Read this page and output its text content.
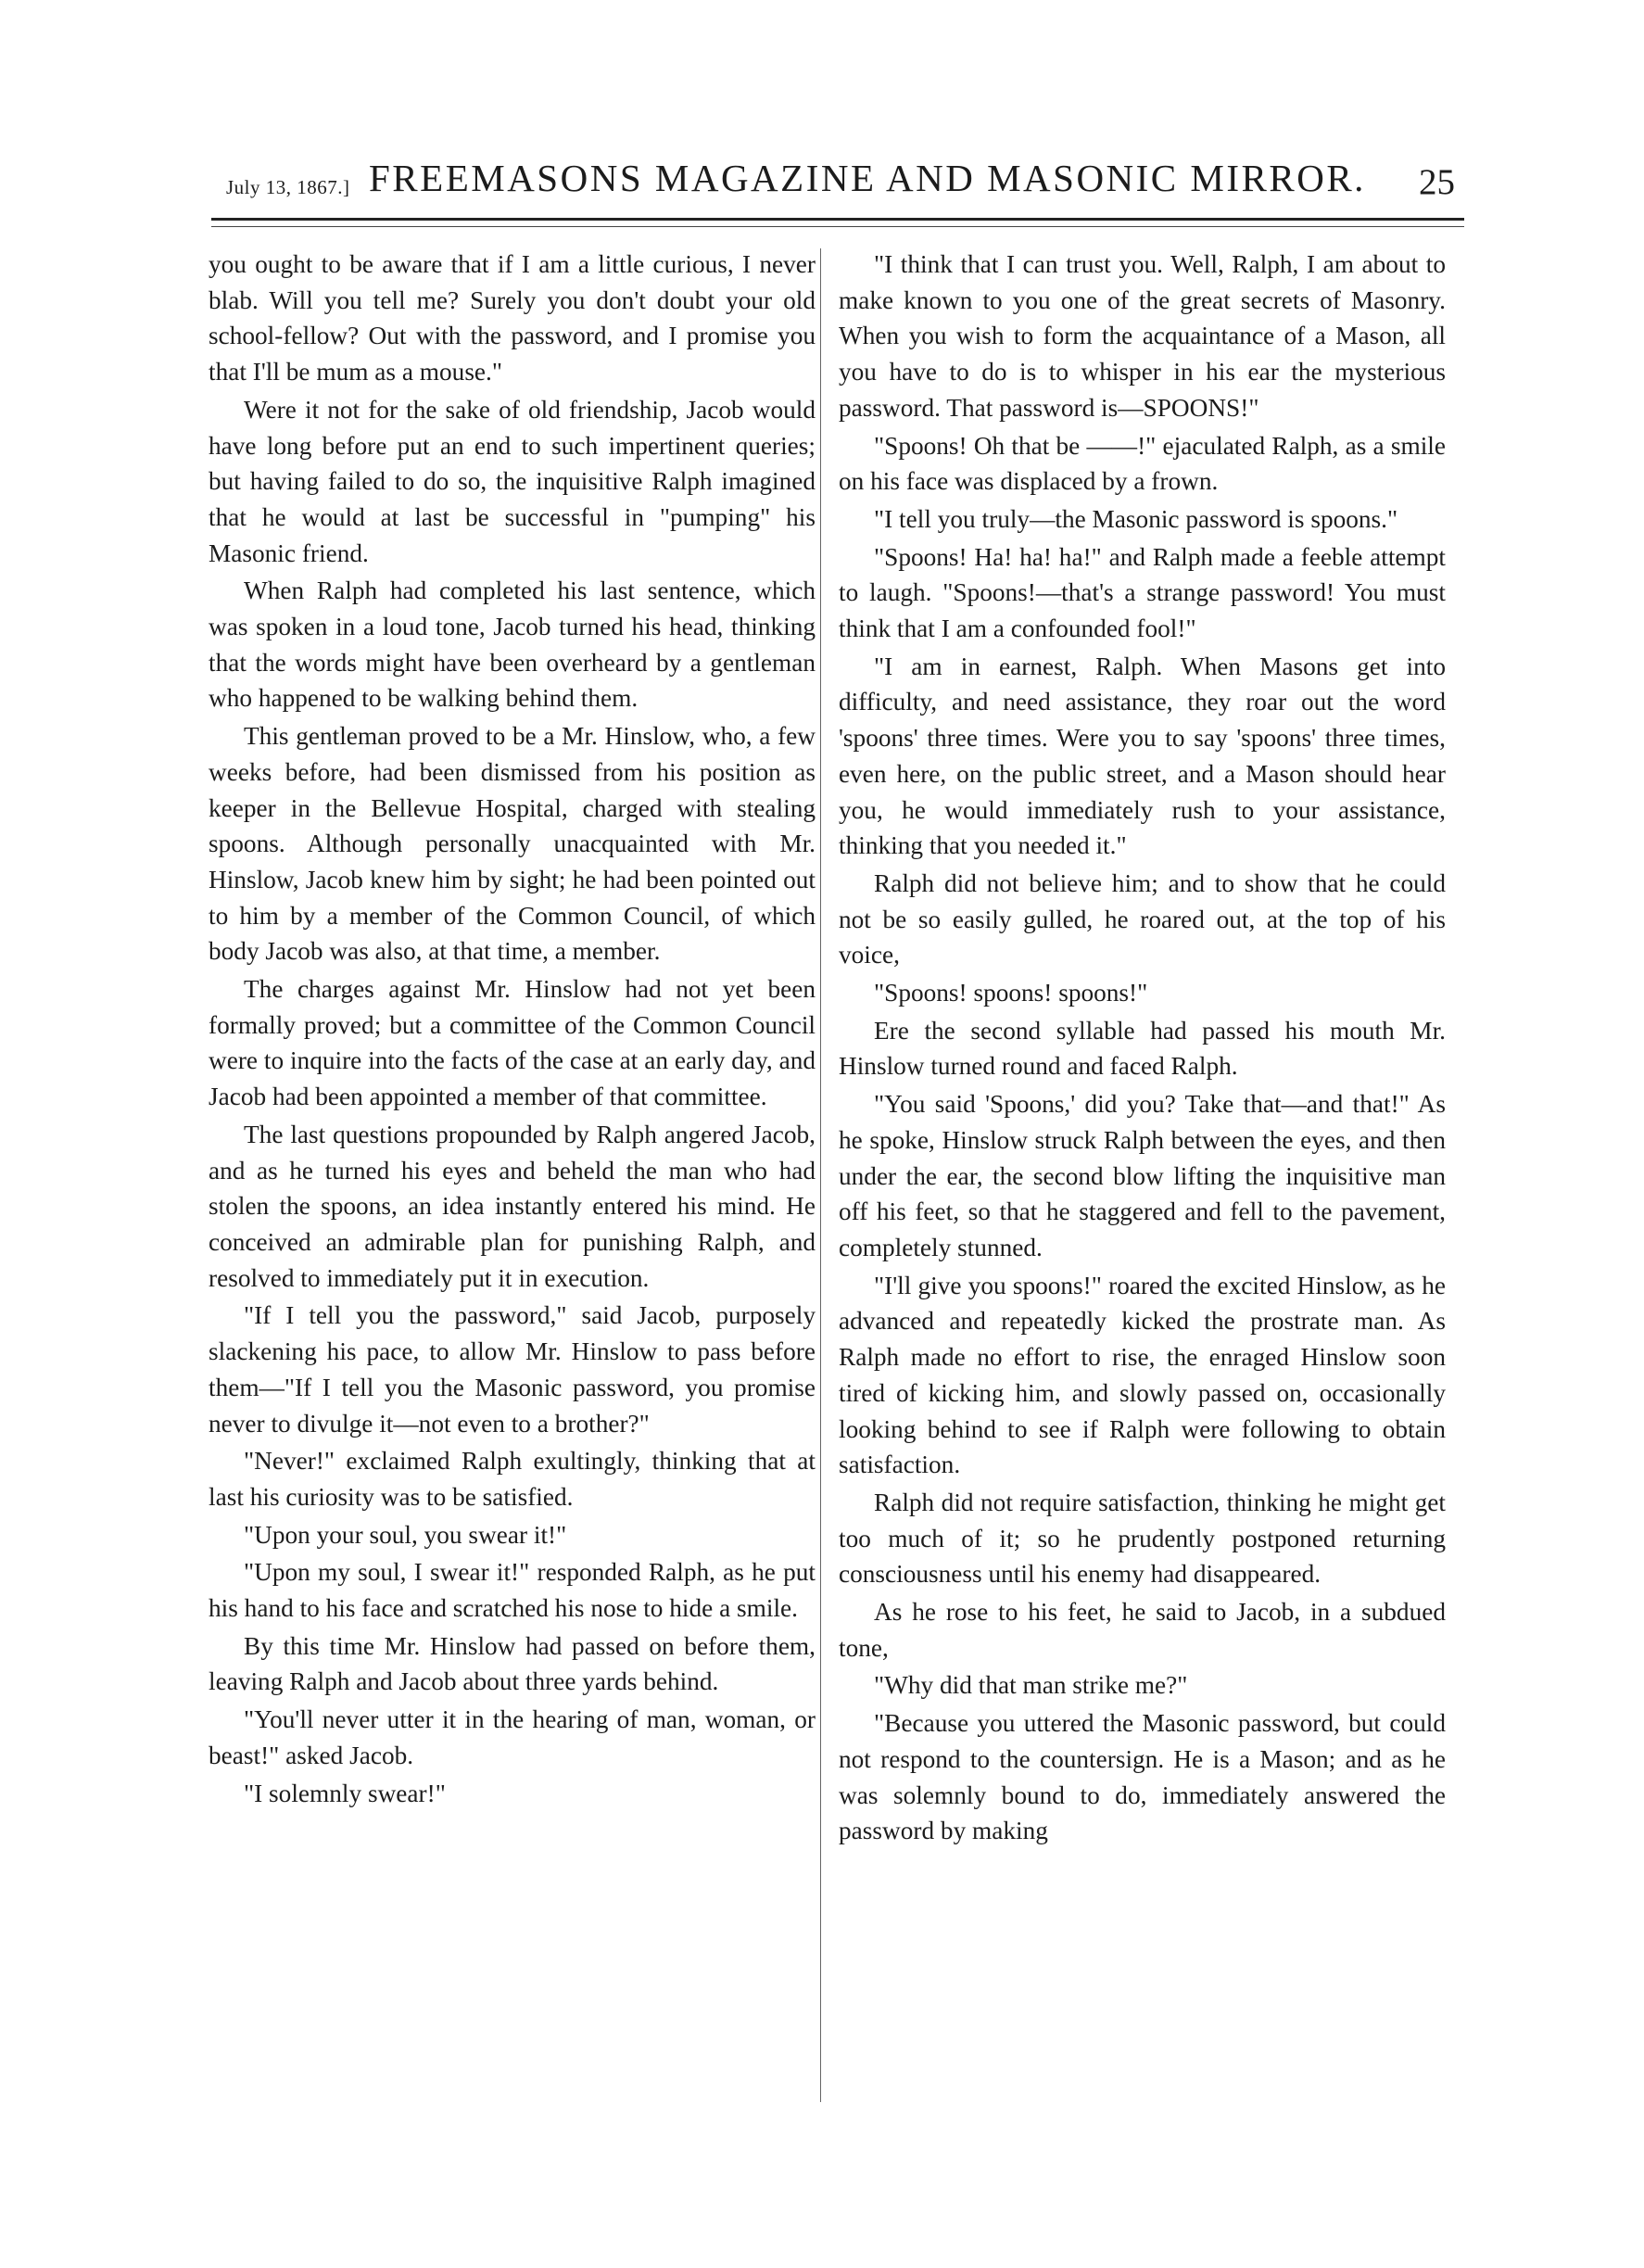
July 13, 1867.] FREEMASONS MAGAZINE AND MASONIC MIRROR. 25

you ought to be aware that if I am a little curious, I never blab. Will you tell me? Surely you don't doubt your old school-fellow? Out with the password, and I promise you that I'll be mum as a mouse."

Were it not for the sake of old friendship, Jacob would have long before put an end to such impertinent queries; but having failed to do so, the inquisitive Ralph imagined that he would at last be successful in "pumping" his Masonic friend.

When Ralph had completed his last sentence, which was spoken in a loud tone, Jacob turned his head, thinking that the words might have been overheard by a gentleman who happened to be walking behind them.

This gentleman proved to be a Mr. Hinslow, who, a few weeks before, had been dismissed from his position as keeper in the Bellevue Hospital, charged with stealing spoons. Although personally unacquainted with Mr. Hinslow, Jacob knew him by sight; he had been pointed out to him by a member of the Common Council, of which body Jacob was also, at that time, a member.

The charges against Mr. Hinslow had not yet been formally proved; but a committee of the Common Council were to inquire into the facts of the case at an early day, and Jacob had been appointed a member of that committee.

The last questions propounded by Ralph angered Jacob, and as he turned his eyes and beheld the man who had stolen the spoons, an idea instantly entered his mind. He conceived an admirable plan for punishing Ralph, and resolved to immediately put it in execution.

"If I tell you the password," said Jacob, purposely slackening his pace, to allow Mr. Hinslow to pass before them—"If I tell you the Masonic password, you promise never to divulge it—not even to a brother?"

"Never!" exclaimed Ralph exultingly, thinking that at last his curiosity was to be satisfied.

"Upon your soul, you swear it!"

"Upon my soul, I swear it!" responded Ralph, as he put his hand to his face and scratched his nose to hide a smile.

By this time Mr. Hinslow had passed on before them, leaving Ralph and Jacob about three yards behind.

"You'll never utter it in the hearing of man, woman, or beast!" asked Jacob.

"I solemnly swear!"

"I think that I can trust you. Well, Ralph, I am about to make known to you one of the great secrets of Masonry. When you wish to form the acquaintance of a Mason, all you have to do is to whisper in his ear the mysterious password. That password is—SPOONS!"

"Spoons! Oh that be ——!" ejaculated Ralph, as a smile on his face was displaced by a frown.

"I tell you truly—the Masonic password is spoons."

"Spoons! Ha! ha! ha!" and Ralph made a feeble attempt to laugh. "Spoons!—that's a strange password! You must think that I am a confounded fool!"

"I am in earnest, Ralph. When Masons get into difficulty, and need assistance, they roar out the word 'spoons' three times. Were you to say 'spoons' three times, even here, on the public street, and a Mason should hear you, he would immediately rush to your assistance, thinking that you needed it."

Ralph did not believe him; and to show that he could not be so easily gulled, he roared out, at the top of his voice,

"Spoons! spoons! spoons!"

Ere the second syllable had passed his mouth Mr. Hinslow turned round and faced Ralph.

"You said 'Spoons,' did you? Take that—and that!" As he spoke, Hinslow struck Ralph between the eyes, and then under the ear, the second blow lifting the inquisitive man off his feet, so that he staggered and fell to the pavement, completely stunned.

"I'll give you spoons!" roared the excited Hinslow, as he advanced and repeatedly kicked the prostrate man. As Ralph made no effort to rise, the enraged Hinslow soon tired of kicking him, and slowly passed on, occasionally looking behind to see if Ralph were following to obtain satisfaction.

Ralph did not require satisfaction, thinking he might get too much of it; so he prudently postponed returning consciousness until his enemy had disappeared.

As he rose to his feet, he said to Jacob, in a subdued tone,

"Why did that man strike me?"

"Because you uttered the Masonic password, but could not respond to the countersign. He is a Mason; and as he was solemnly bound to do, immediately answered the password by making
